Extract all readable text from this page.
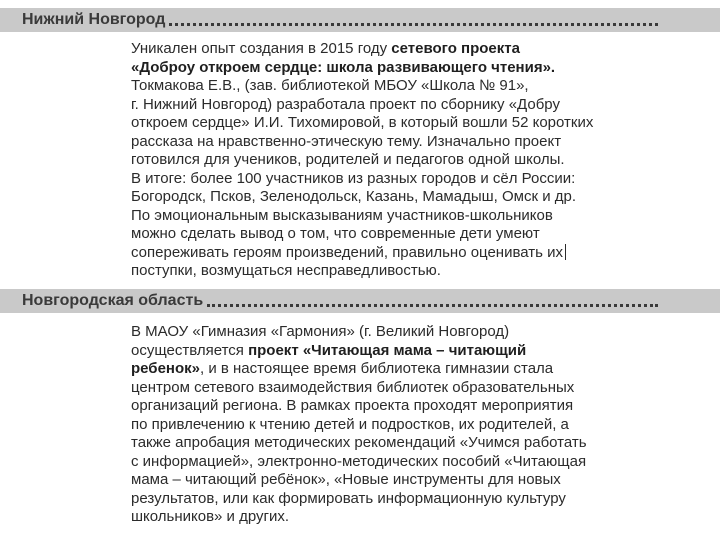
Нижний Новгород
Уникален опыт создания в 2015 году сетевого проекта
«Доброу откроем сердце: школа развивающего чтения».
Токмакова Е.В., (зав. библиотекой МБОУ «Школа № 91»,
г. Нижний Новгород) разработала проект по сборнику «Добру
откроем сердце» И.И. Тихомировой, в который вошли 52 коротких
рассказа на нравственно-этическую тему. Изначально проект
готовился для учеников, родителей и педагогов одной школы.
В итоге: более 100 участников из разных городов и сёл России:
Богородск, Псков, Зеленодольск, Казань, Мамадыш, Омск и др.
По эмоциональным высказываниям участников-школьников
можно сделать вывод о том, что современные дети умеют
сопереживать героям произведений, правильно оценивать их
поступки, возмущаться несправедливостью.
Новгородская область
В МАОУ «Гимназия «Гармония» (г. Великий Новгород)
осуществляется проект «Читающая мама – читающий
ребенок», и в настоящее время библиотека гимназии стала
центром сетевого взаимодействия библиотек образовательных
организаций региона. В рамках проекта проходят мероприятия
по привлечению к чтению детей и подростков, их родителей, а
также апробация методических рекомендаций «Учимся работать
с информацией», электронно-методических пособий «Читающая
мама – читающий ребёнок», «Новые инструменты для новых
результатов, или как формировать информационную культуру
школьников» и других.
